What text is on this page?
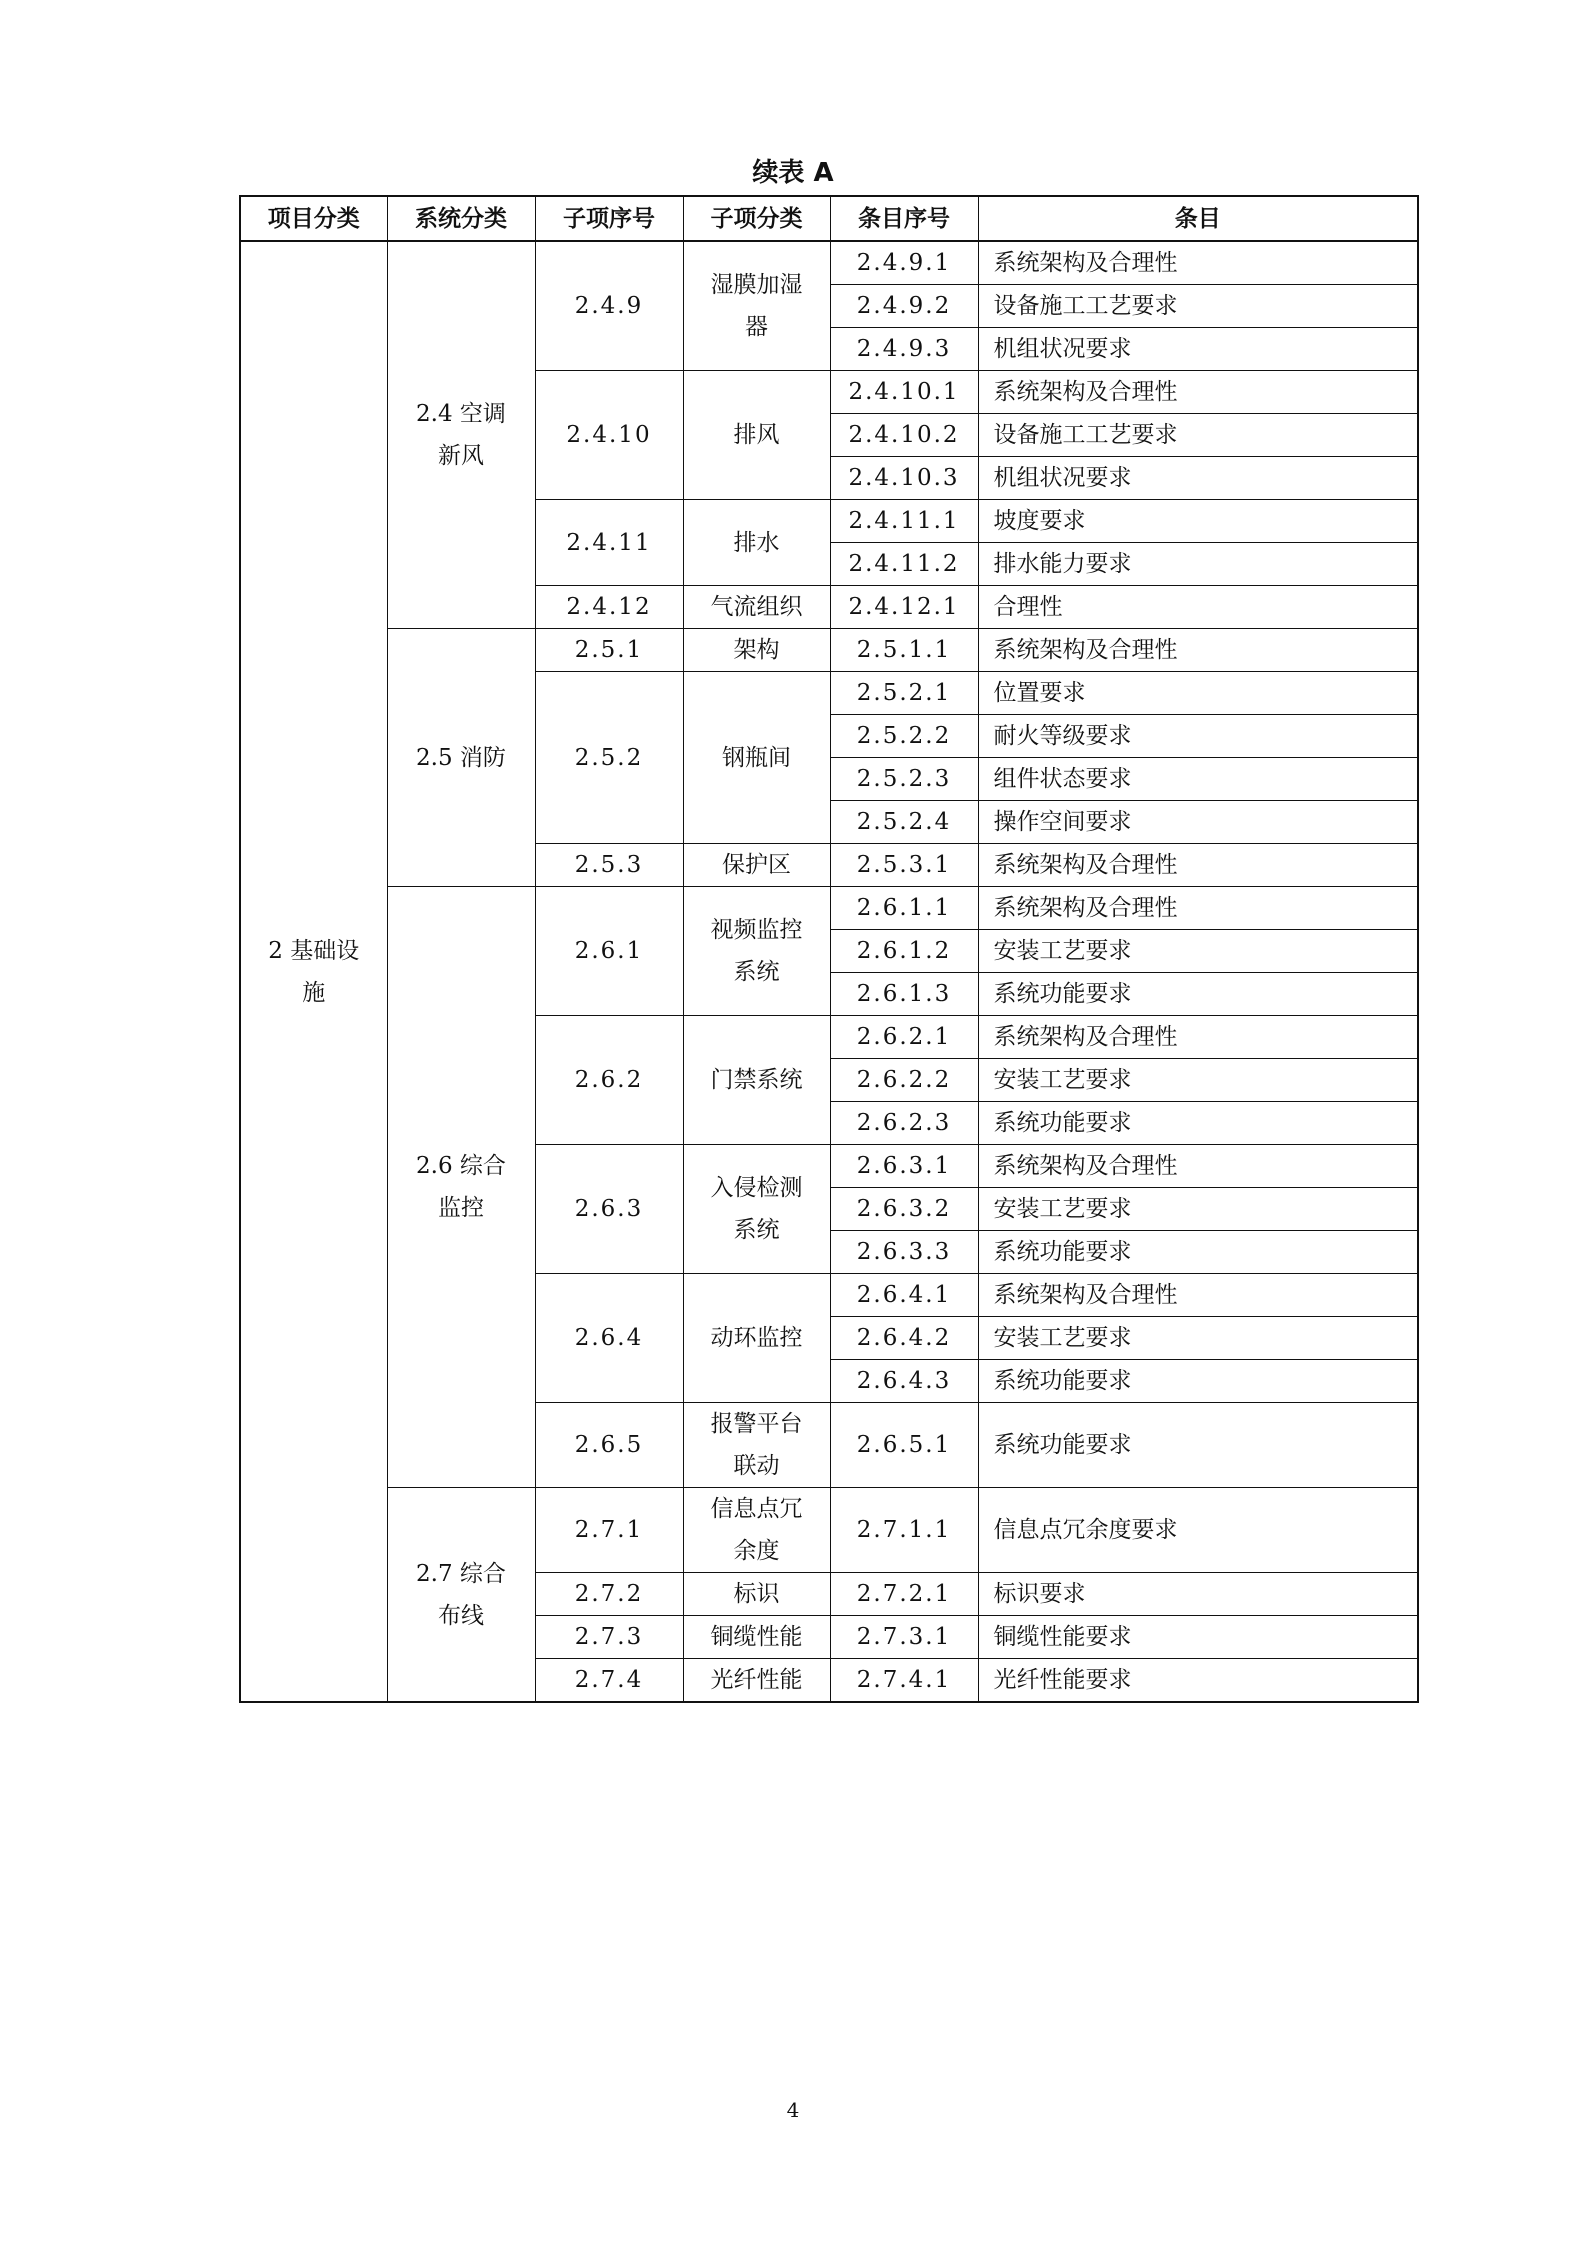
续表 A
项目分类	系统分类	子项序号	子项分类	条目序号	条目

2 基础设施	2.4 空调新风	2.4.9	湿膜加湿器	2.4.9.1	系统架构及合理性
				2.4.9.2	设备施工工艺要求
				2.4.9.3	机组状况要求
		2.4.10	排风	2.4.10.1	系统架构及合理性
				2.4.10.2	设备施工工艺要求
				2.4.10.3	机组状况要求
		2.4.11	排水	2.4.11.1	坡度要求
				2.4.11.2	排水能力要求
		2.4.12	气流组织	2.4.12.1	合理性

	2.5 消防	2.5.1	架构	2.5.1.1	系统架构及合理性
		2.5.2	钢瓶间	2.5.2.1	位置要求
				2.5.2.2	耐火等级要求
				2.5.2.3	组件状态要求
				2.5.2.4	操作空间要求
		2.5.3	保护区	2.5.3.1	系统架构及合理性

	2.6 综合监控	2.6.1	视频监控系统	2.6.1.1	系统架构及合理性
				2.6.1.2	安装工艺要求
				2.6.1.3	系统功能要求
		2.6.2	门禁系统	2.6.2.1	系统架构及合理性
				2.6.2.2	安装工艺要求
				2.6.2.3	系统功能要求
		2.6.3	入侵检测系统	2.6.3.1	系统架构及合理性
				2.6.3.2	安装工艺要求
				2.6.3.3	系统功能要求
		2.6.4	动环监控	2.6.4.1	系统架构及合理性
				2.6.4.2	安装工艺要求
				2.6.4.3	系统功能要求
		2.6.5	报警平台联动	2.6.5.1	系统功能要求

	2.7 综合布线	2.7.1	信息点冗余度	2.7.1.1	信息点冗余度要求
		2.7.2	标识	2.7.2.1	标识要求
		2.7.3	铜缆性能	2.7.3.1	铜缆性能要求
		2.7.4	光纤性能	2.7.4.1	光纤性能要求
4
